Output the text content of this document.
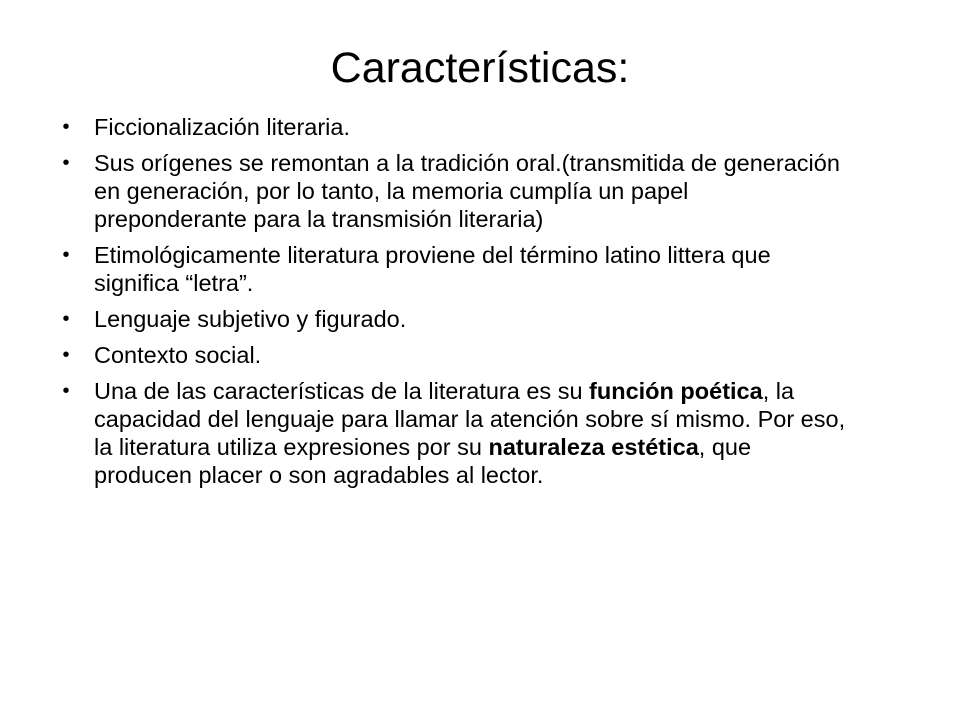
Características:
• Ficcionalización literaria.
• Sus orígenes se remontan a la tradición oral.(transmitida de generación en generación, por lo tanto, la memoria cumplía un papel preponderante para la transmisión literaria)
• Etimológicamente literatura proviene del término latino littera que significa “letra”.
• Lenguaje subjetivo y figurado.
• Contexto social.
• Una de las características de la literatura es su función poética, la capacidad del lenguaje para llamar la atención sobre sí mismo. Por eso, la literatura utiliza expresiones por su naturaleza estética, que producen placer o son agradables al lector.
